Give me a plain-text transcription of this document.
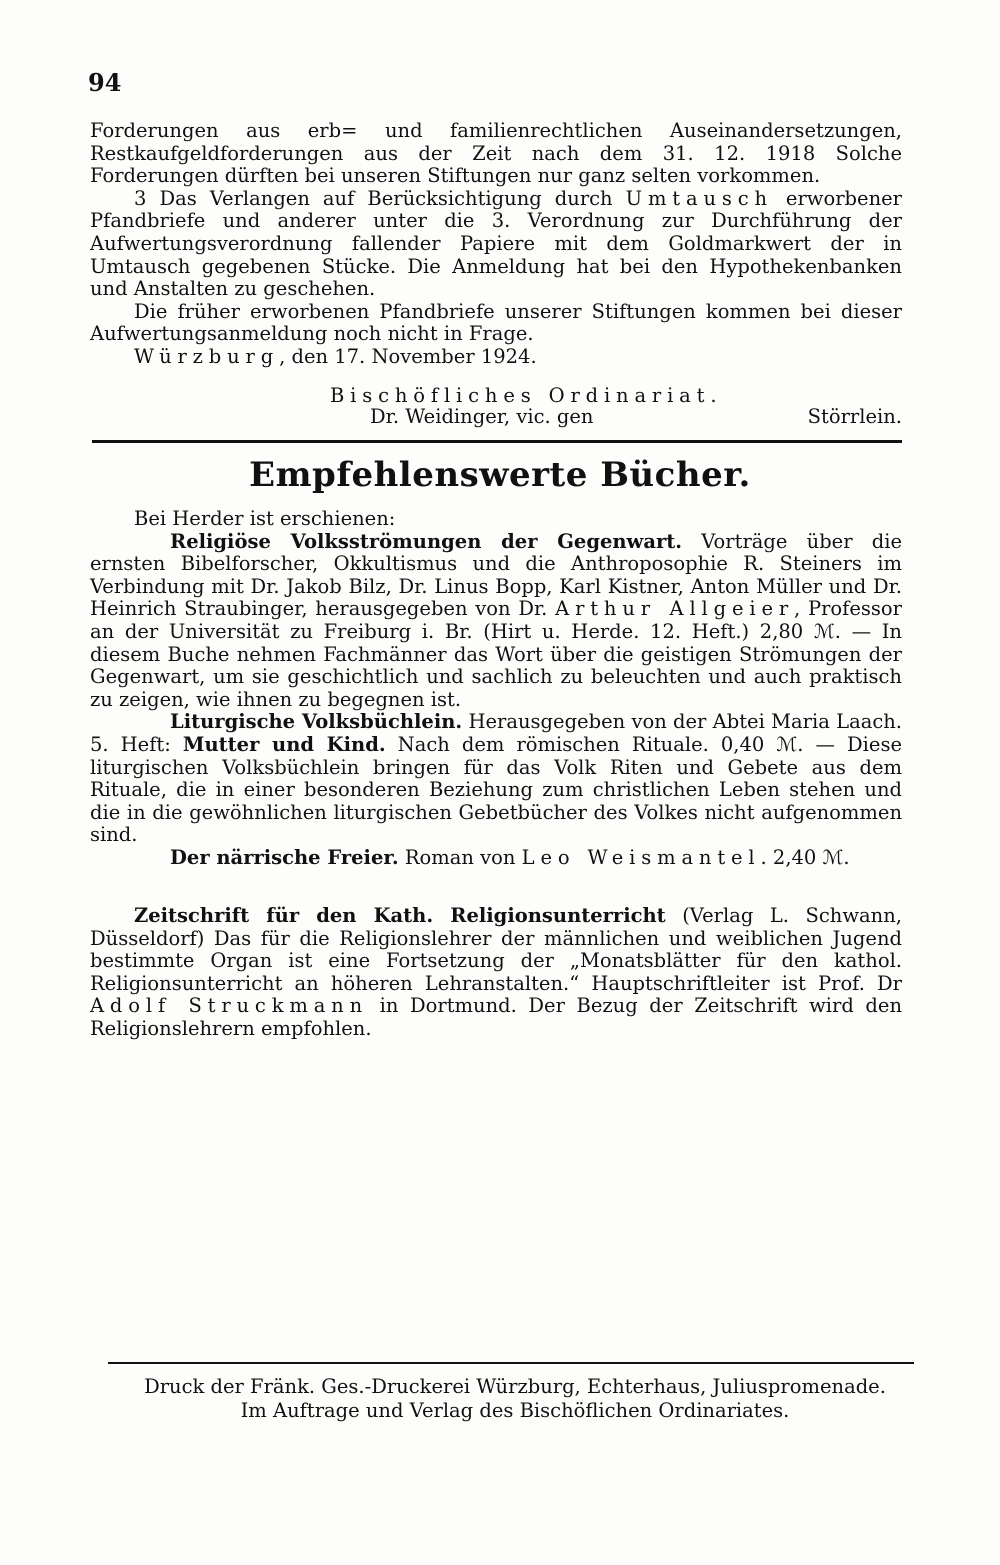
94

Forderungen aus erb= und familienrechtlichen Auseinandersetzungen, Restkaufgeldforderungen aus der Zeit nach dem 31. 12. 1918 Solche Forderungen dürften bei unseren Stiftungen nur ganz selten vorkommen.

3 Das Verlangen auf Berücksichtigung durch Umtausch erworbener Pfandbriefe und anderer unter die 3. Verordnung zur Durchführung der Aufwertungsverordnung fallender Papiere mit dem Goldmarkwert der in Umtausch gegebenen Stücke. Die Anmeldung hat bei den Hypothekenbanken und Anstalten zu geschehen.

Die früher erworbenen Pfandbriefe unserer Stiftungen kommen bei dieser Aufwertungsanmeldung noch nicht in Frage.

Würzburg, den 17. November 1924.

Bischöfliches Ordinariat.
Dr. Weidinger, vic. gen	Störrlein.
Empfehlenswerte Bücher.

Bei Herder ist erschienen:

Religiöse Volksströmungen der Gegenwart. Vorträge über die ernsten Bibelforscher, Okkultismus und die Anthroposophie R. Steiners im Verbindung mit Dr. Jakob Bilz, Dr. Linus Bopp, Karl Kistner, Anton Müller und Dr. Heinrich Straubinger, herausgegeben von Dr. Arthur Allgeier, Professor an der Universität zu Freiburg i. Br. (Hirt u. Herde. 12. Heft.) 2,80 ℳ. — In diesem Buche nehmen Fachmänner das Wort über die geistigen Strömungen der Gegenwart, um sie geschichtlich und sachlich zu beleuchten und auch praktisch zu zeigen, wie ihnen zu begegnen ist.

Liturgische Volksbüchlein. Herausgegeben von der Abtei Maria Laach. 5. Heft: Mutter und Kind. Nach dem römischen Rituale. 0,40 ℳ. — Diese liturgischen Volksbüchlein bringen für das Volk Riten und Gebete aus dem Rituale, die in einer besonderen Beziehung zum christlichen Leben stehen und die in die gewöhnlichen liturgischen Gebetbücher des Volkes nicht aufgenommen sind.

Der närrische Freier. Roman von Leo Weismantel. 2,40 ℳ.

Zeitschrift für den Kath. Religionsunterricht (Verlag L. Schwann, Düsseldorf) Das für die Religionslehrer der männlichen und weiblichen Jugend bestimmte Organ ist eine Fortsetzung der „Monatsblätter für den kathol. Religionsunterricht an höheren Lehranstalten.“ Hauptschriftleiter ist Prof. Dr Adolf Struckmann in Dortmund. Der Bezug der Zeitschrift wird den Religionslehrern empfohlen.

Druck der Fränk. Ges.-Druckerei Würzburg, Echterhaus, Juliuspromenade.

Im Auftrage und Verlag des Bischöflichen Ordinariates.
